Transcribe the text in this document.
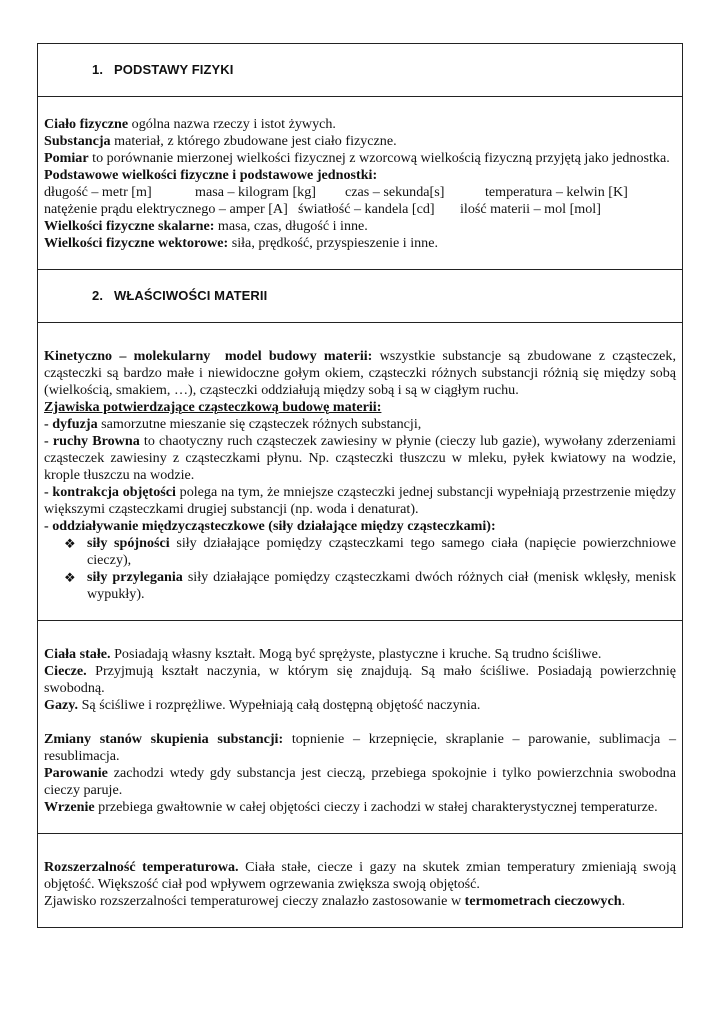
1. PODSTAWY FIZYKI

Ciało fizyczne ogólna nazwa rzeczy i istot żywych.

Substancja materiał, z którego zbudowane jest ciało fizyczne.

Pomiar to porównanie mierzonej wielkości fizycznej z wzorcową wielkością fizyczną przyjętą jako jednostka.

Podstawowe wielkości fizyczne i podstawowe jednostki:

długość – metr [m]	masa – kilogram [kg]	czas – sekunda[s]	temperatura – kelwin [K]
natężenie prądu elektrycznego – amper [A] światłość – kandela [cd]	ilość materii – mol [mol]

Wielkości fizyczne skalarne: masa, czas, długość i inne.

Wielkości fizyczne wektorowe: siła, prędkość, przyspieszenie i inne.

2. WŁAŚCIWOŚCI MATERII

Kinetyczno – molekularny  model budowy materii: wszystkie substancje są zbudowane z cząsteczek, cząsteczki są bardzo małe i niewidoczne gołym okiem, cząsteczki różnych substancji różnią się między sobą (wielkością, smakiem, …), cząsteczki oddziałują między sobą i są w ciągłym ruchu.

Zjawiska potwierdzające cząsteczkową budowę materii:

- dyfuzja samorzutne mieszanie się cząsteczek różnych substancji,

- ruchy Browna to chaotyczny ruch cząsteczek zawiesiny w płynie (cieczy lub gazie), wywołany zderzeniami cząsteczek zawiesiny z cząsteczkami płynu. Np. cząsteczki tłuszczu w mleku, pyłek kwiatowy na wodzie, krople tłuszczu na wodzie.

- kontrakcja objętości polega na tym, że mniejsze cząsteczki jednej substancji wypełniają przestrzenie między większymi cząsteczkami drugiej substancji (np. woda i denaturat).

- oddziaływanie międzycząsteczkowe (siły działające między cząsteczkami):

❖ siły spójności siły działające pomiędzy cząsteczkami tego samego ciała (napięcie powierzchniowe cieczy),
❖ siły przylegania siły działające pomiędzy cząsteczkami dwóch różnych ciał (menisk wklęsły, menisk wypukły).

Ciała stałe. Posiadają własny kształt. Mogą być sprężyste, plastyczne i kruche. Są trudno ściśliwe.

Ciecze. Przyjmują kształt naczynia, w którym się znajdują. Są mało ściśliwe. Posiadają powierzchnię swobodną.

Gazy. Są ściśliwe i rozprężliwe. Wypełniają całą dostępną objętość naczynia.

Zmiany stanów skupienia substancji: topnienie – krzepnięcie, skraplanie – parowanie, sublimacja – resublimacja.

Parowanie zachodzi wtedy gdy substancja jest cieczą, przebiega spokojnie i tylko powierzchnia swobodna cieczy paruje.

Wrzenie przebiega gwałtownie w całej objętości cieczy i zachodzi w stałej charakterystycznej temperaturze.

Rozszerzalność temperaturowa. Ciała stałe, ciecze i gazy na skutek zmian temperatury zmieniają swoją objętość. Większość ciał pod wpływem ogrzewania zwiększa swoją objętość.

Zjawisko rozszerzalności temperaturowej cieczy znalazło zastosowanie w termometrach cieczowych.
